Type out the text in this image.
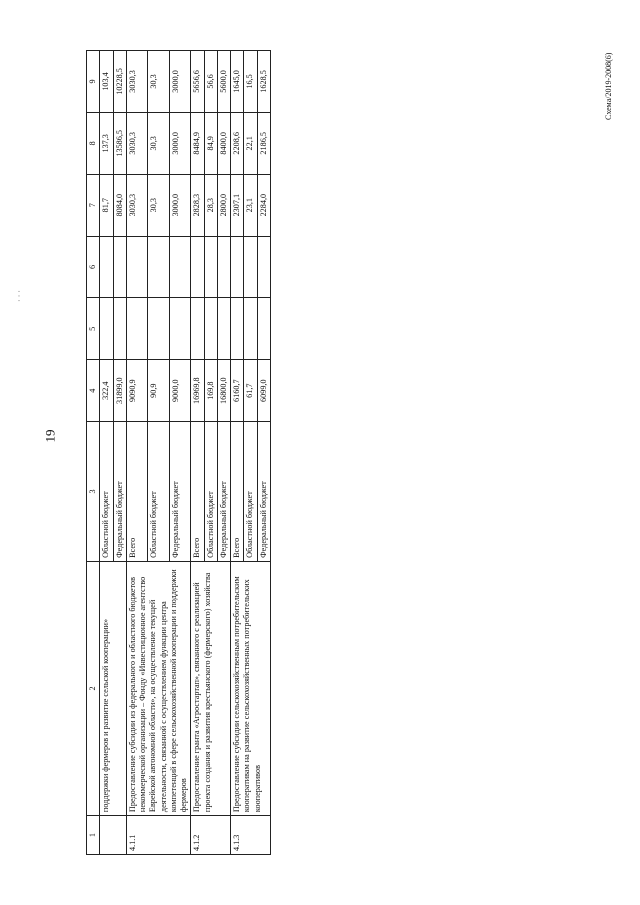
· · ·
19
Схема/2019-2008(6)
1	2	3	4	5	6	7	8	9
	поддержки фермеров и развитие сельской кооперации»	Областной бюджет	322,4			81,7	137,3	103,4
		Федеральный бюджет	31899,0			8084,0	13586,5	10228,5
4.1.1	Предоставление субсидии из федерального и областного бюджетов некоммерческой организации – Фонду «Инвестиционное агентство Еврейской автономной области», на осуществление текущей деятельности, связанной с осуществлением функции центра компетенций в сфере сельскохозяйственной кооперации и поддержки фермеров	Всего	9090,9			3030,3	3030,3	3030,3
		Областной бюджет	90,9			30,3	30,3	30,3
		Федеральный бюджет	9000,0			3000,0	3000,0	3000,0
4.1.2	Предоставление гранта «Агростартап», связанного с реализацией проекта создания и развития крестьянского (фермерского) хозяйства	Всего	16969,8			2828,3	8484,9	5656,6
		Областной бюджет	169,8			28,3	84,9	56,6
		Федеральный бюджет	16800,0			2800,0	8400,0	5600,0
4.1.3	Предоставление субсидии сельскохозяйственным потребительским кооперативам на развитие сельскохозяйственных потребительских кооперативов	Всего	6160,7			2307,1	2208,6	1645,0
		Областной бюджет	61,7			23,1	22,1	16,5
		Федеральный бюджет	6099,0			2284,0	2186,5	1628,5
